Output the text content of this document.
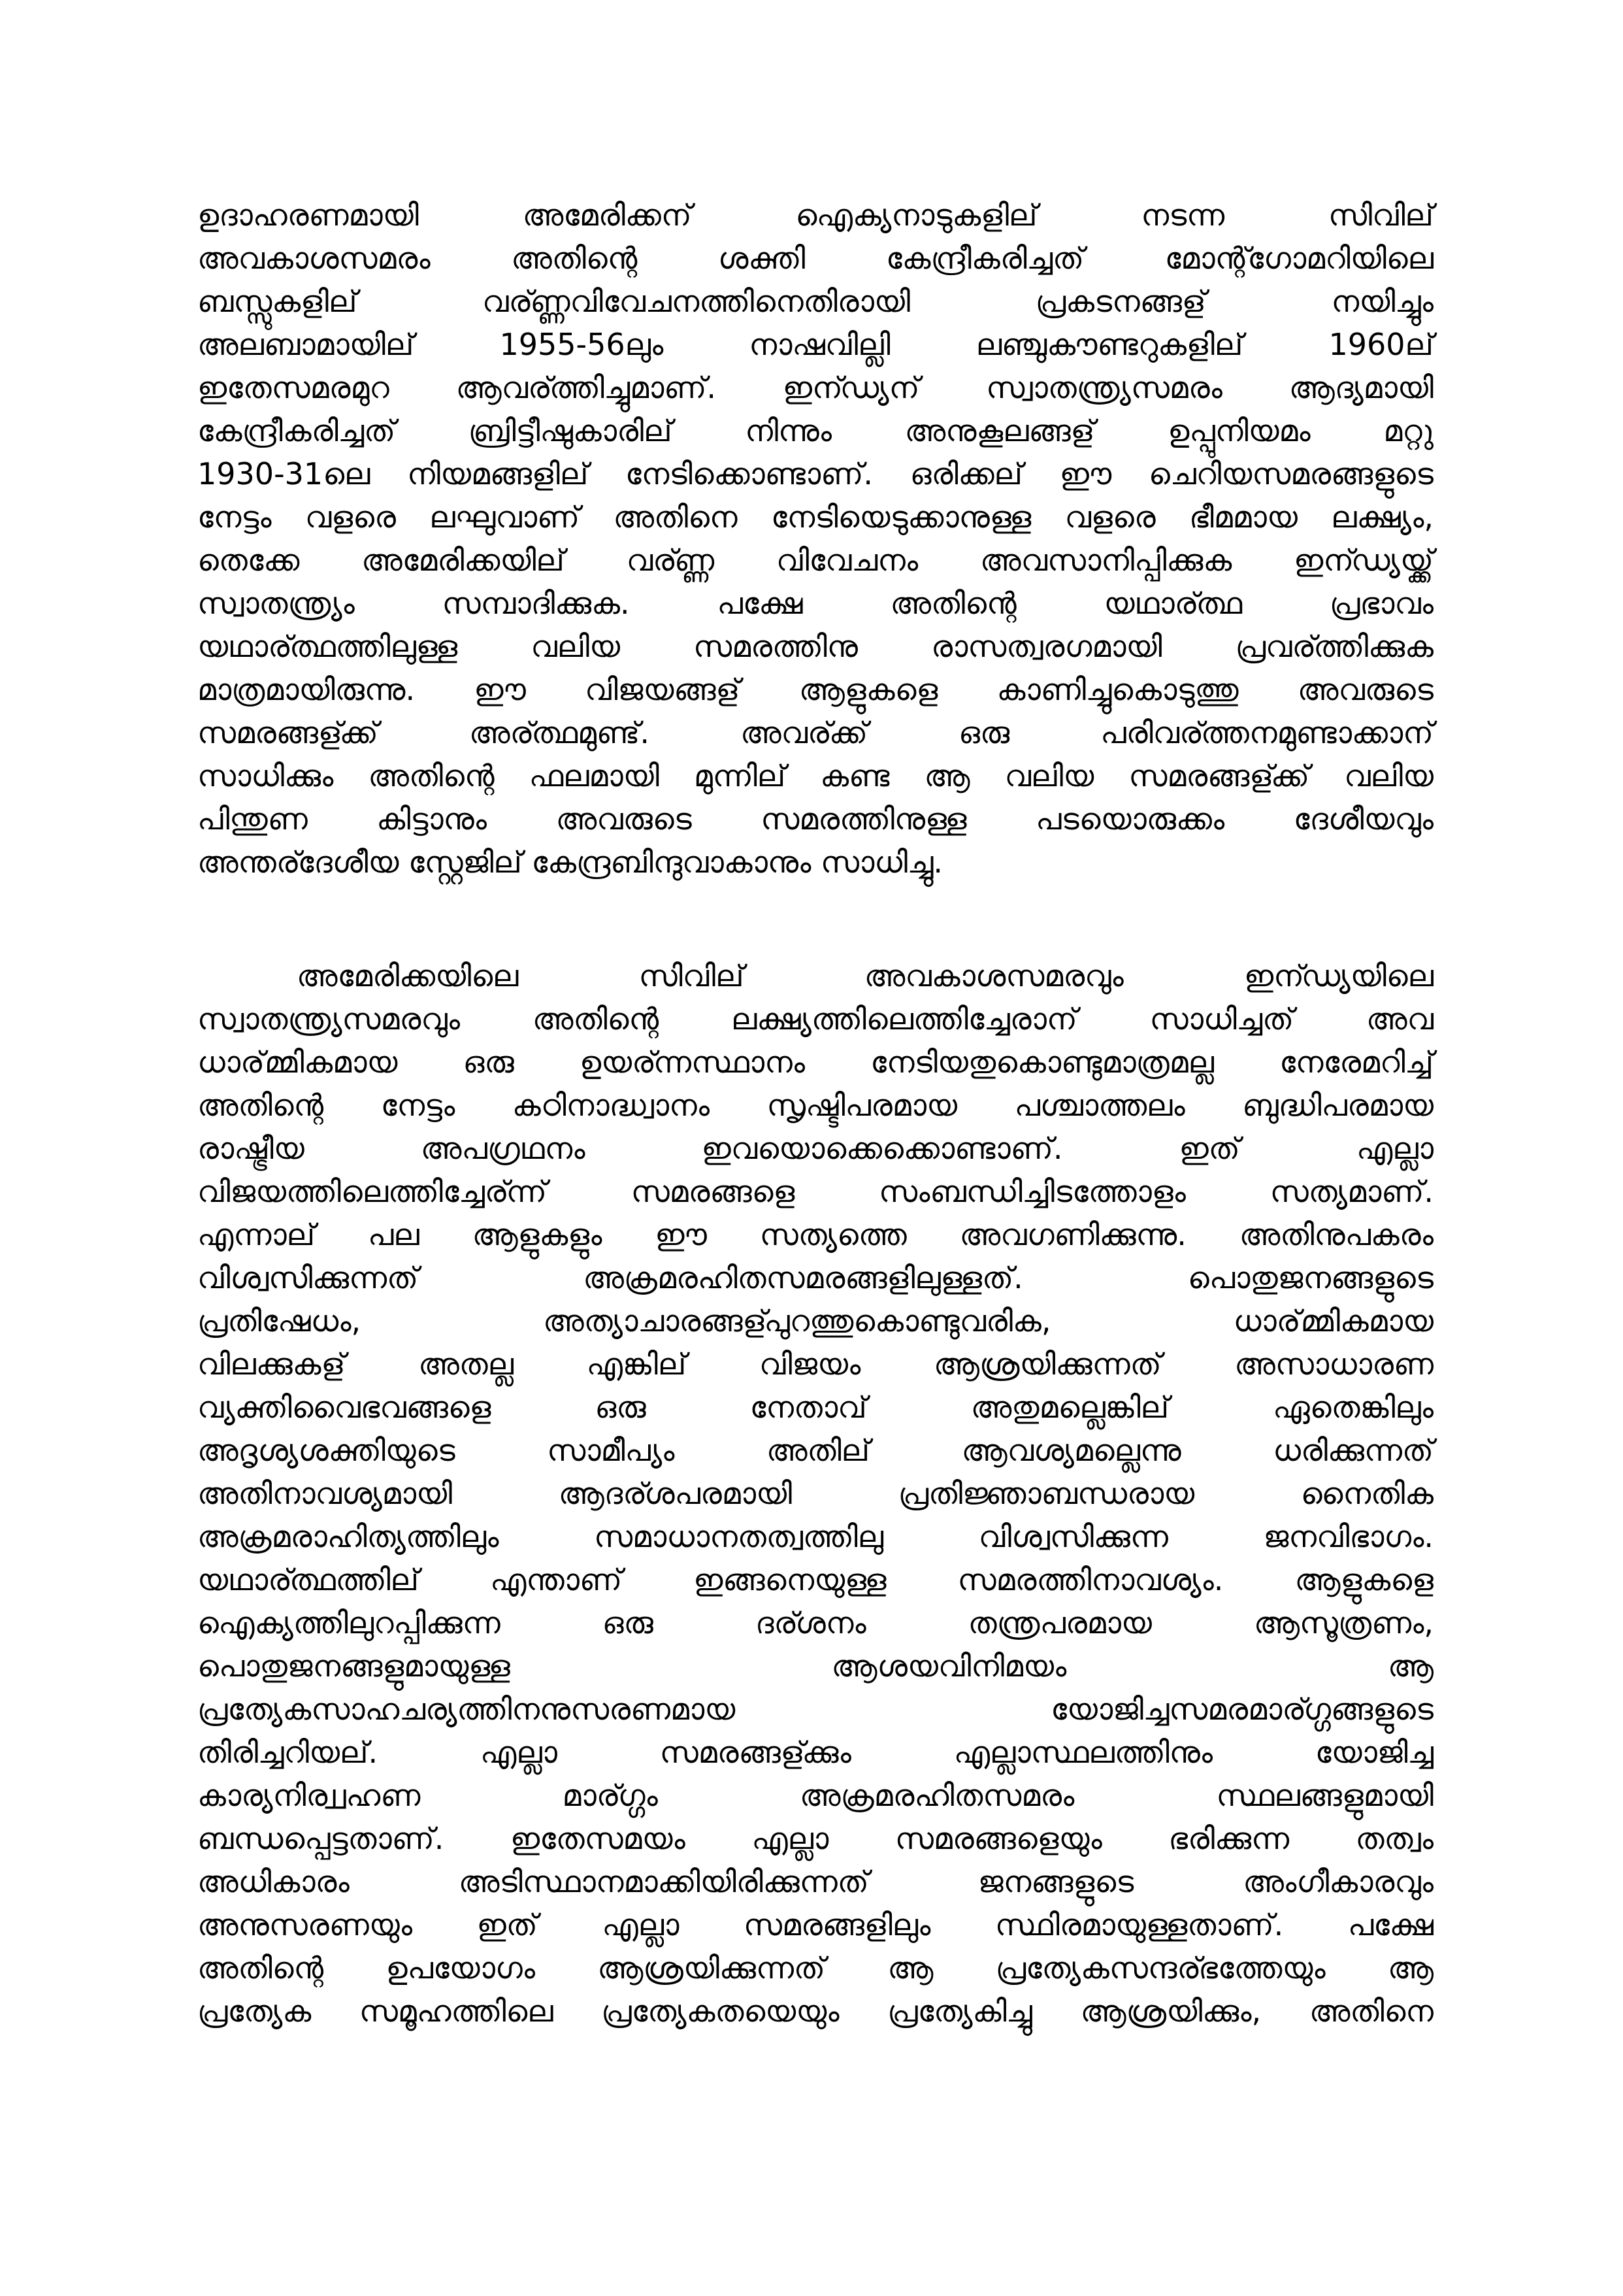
ഉദാഹരണമായി അമേരിക്കന് ഐക്യനാടുകളില് നടന്ന സിവില്
അവകാശസമരം അതിന്റെ ശക്തി കേന്ദ്രീകരിച്ചത് മോന്റ്ഗോമറിയിലെ
ബസ്സുകളില് വര്ണ്ണവിവേചനത്തിനെതിരായി പ്രകടനങ്ങള് നയിച്ചും
അലബാമായില് 1955-56ലും നാഷവില്ലി ലഞ്ചുകൗണ്ടറുകളില് 1960ല്
ഇതേസമരമുറ ആവര്ത്തിച്ചുമാണ്. ഇന്ഡ്യന് സ്വാതന്ത്ര്യസമരം ആദ്യമായി
കേന്ദ്രീകരിച്ചത് ബ്രിട്ടീഷുകാരില് നിന്നും അനുകൂലങ്ങള് ഉപ്പുനിയമം മറ്റു
1930-31ലെ നിയമങ്ങളില് നേടിക്കൊണ്ടാണ്. ഒരിക്കല് ഈ ചെറിയസമരങ്ങളുടെ
നേട്ടം വളരെ ലഘുവാണ് അതിനെ നേടിയെടുക്കാനുള്ള വളരെ ഭീമമായ ലക്ഷ്യം,
തെക്കേ അമേരിക്കയില് വര്ണ്ണ വിവേചനം അവസാനിപ്പിക്കുക ഇന്ഡ്യയ്ക്ക്
സ്വാതന്ത്ര്യം സമ്പാദിക്കുക. പക്ഷേ അതിന്റെ യഥാര്ത്ഥ പ്രഭാവം
യഥാര്ത്ഥത്തിലുള്ള വലിയ സമരത്തിനു രാസത്വരഗമായി പ്രവര്ത്തിക്കുക
മാത്രമായിരുന്നു. ഈ വിജയങ്ങള് ആളുകളെ കാണിച്ചുകൊടുത്തു അവരുടെ
സമരങ്ങള്ക്ക് അര്ത്ഥമുണ്ട്. അവര്ക്ക് ഒരു പരിവര്ത്തനമുണ്ടാക്കാന്
സാധിക്കും അതിന്റെ ഫലമായി മുന്നില് കണ്ട ആ വലിയ സമരങ്ങള്ക്ക് വലിയ
പിന്തുണ കിട്ടാനും അവരുടെ സമരത്തിനുള്ള പടയൊരുക്കം ദേശീയവും
അന്തര്ദേശീയ സ്റ്റേജില് കേന്ദ്രബിന്ദുവാകാനും സാധിച്ചു.
അമേരിക്കയിലെ സിവില് അവകാശസമരവും ഇന്ഡ്യയിലെ
സ്വാതന്ത്ര്യസമരവും അതിന്റെ ലക്ഷ്യത്തിലെത്തിച്ചേരാന് സാധിച്ചത് അവ
ധാര്മ്മികമായ ഒരു ഉയര്ന്നസ്ഥാനം നേടിയതുകൊണ്ടുമാത്രമല്ല നേരേമറിച്ച്
അതിന്റെ നേട്ടം കഠിനാദ്ധ്വാനം സൃഷ്ടിപരമായ പശ്ചാത്തലം ബുദ്ധിപരമായ
രാഷ്ട്രീയ അപഗ്രഥനം ഇവയൊക്കെക്കൊണ്ടാണ്. ഇത് എല്ലാ
വിജയത്തിലെത്തിച്ചേര്ന്ന് സമരങ്ങളെ സംബന്ധിച്ചിടത്തോളം സത്യമാണ്.
എന്നാല് പല ആളുകളും ഈ സത്യത്തെ അവഗണിക്കുന്നു. അതിനുപകരം
വിശ്വസിക്കുന്നത് അക്രമരഹിതസമരങ്ങളിലുള്ളത്. പൊതുജനങ്ങളുടെ
പ്രതിഷേധം, അത്യാചാരങ്ങള്പുറത്തുകൊണ്ടുവരിക, ധാര്മ്മികമായ
വിലക്കുകള് അതല്ല എങ്കില് വിജയം ആശ്രയിക്കുന്നത് അസാധാരണ
വ്യക്തിവൈഭവങ്ങളെ ഒരു നേതാവ് അതുമല്ലെങ്കില് ഏതെങ്കിലും
അദൃശ്യശക്തിയുടെ സാമീപ്യം അതില് ആവശ്യമല്ലെന്നു ധരിക്കുന്നത്
അതിനാവശ്യമായി ആദര്ശപരമായി പ്രതിജ്ഞാബന്ധരായ നൈതിക
അക്രമരാഹിത്യത്തിലും സമാധാനതത്വത്തിലു വിശ്വസിക്കുന്ന ജനവിഭാഗം.
യഥാര്ത്ഥത്തില് എന്താണ് ഇങ്ങനെയുള്ള സമരത്തിനാവശ്യം. ആളുകളെ
ഐക്യത്തിലുറപ്പിക്കുന്ന ഒരു ദര്ശനം തന്ത്രപരമായ ആസൂത്രണം,
പൊതുജനങ്ങളുമായുള്ള ആശയവിനിമയം ആ
പ്രത്യേകസാഹചര്യത്തിനനുസരണമായ യോജിച്ചസമരമാര്ഗ്ഗങ്ങളുടെ
തിരിച്ചറിയല്. എല്ലാ സമരങ്ങള്ക്കും എല്ലാസ്ഥലത്തിനും യോജിച്ച
കാര്യനിര്വ്വഹണ മാര്ഗ്ഗം അക്രമരഹിതസമരം സ്ഥലങ്ങളുമായി
ബന്ധപ്പെട്ടതാണ്. ഇതേസമയം എല്ലാ സമരങ്ങളെയും ഭരിക്കുന്ന തത്വം
അധികാരം അടിസ്ഥാനമാക്കിയിരിക്കുന്നത് ജനങ്ങളുടെ അംഗീകാരവും
അനുസരണയും ഇത് എല്ലാ സമരങ്ങളിലും സ്ഥിരമായുള്ളതാണ്. പക്ഷേ
അതിന്റെ ഉപയോഗം ആശ്രയിക്കുന്നത് ആ പ്രത്യേകസന്ദര്ഭത്തേയും ആ
പ്രത്യേക സമൂഹത്തിലെ പ്രത്യേകതയെയും പ്രത്യേകിച്ചു ആശ്രയിക്കും, അതിനെ
